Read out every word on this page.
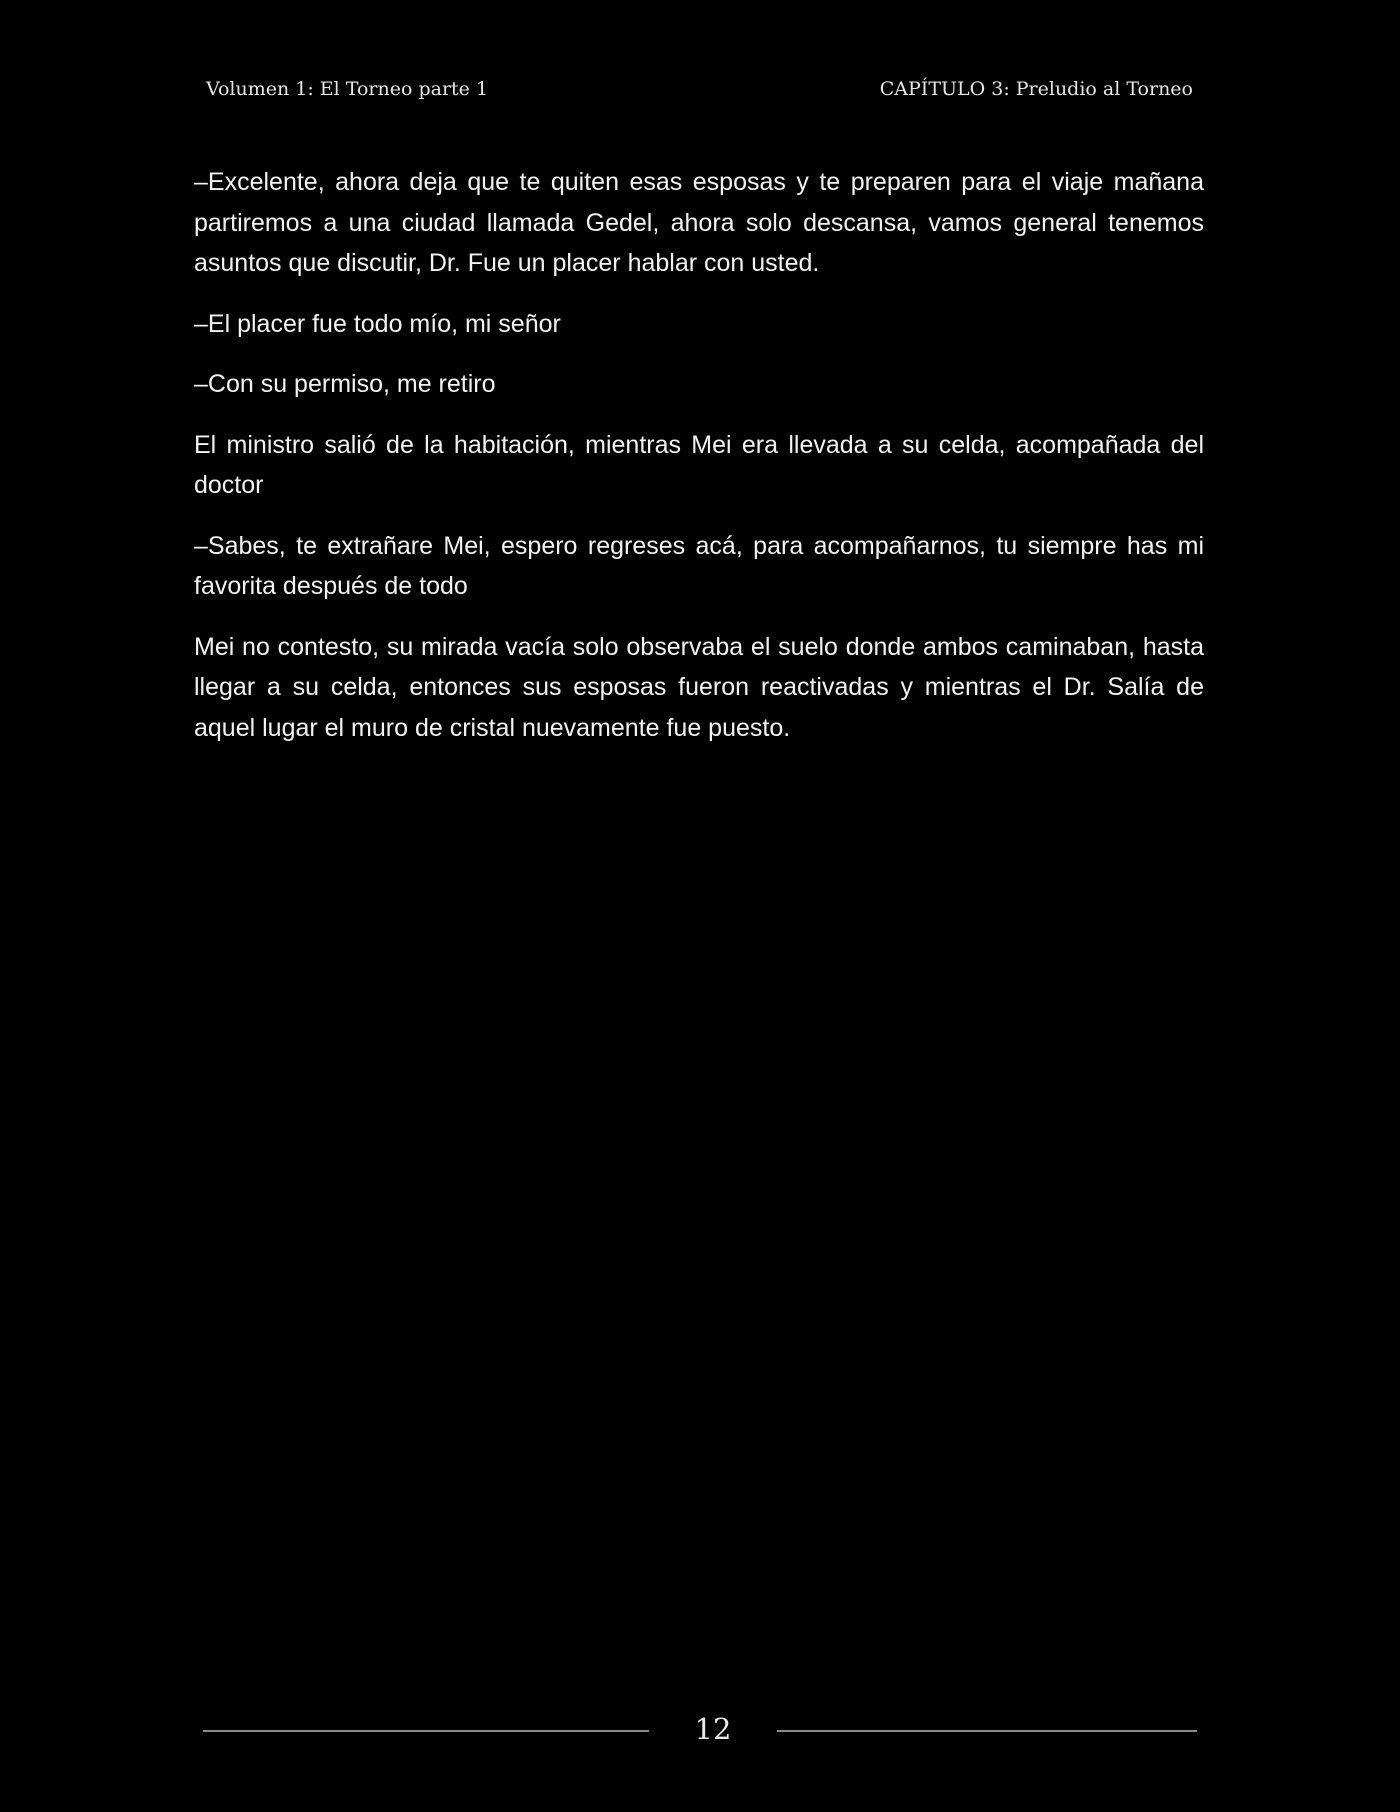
Volumen 1: El Torneo parte 1	CAPÍTULO 3: Preludio al Torneo

–Excelente, ahora deja que te quiten esas esposas y te preparen para el viaje mañana partiremos a una ciudad llamada Gedel, ahora solo descansa, vamos general tenemos asuntos que discutir, Dr. Fue un placer hablar con usted.

–El placer fue todo mío, mi señor

–Con su permiso, me retiro

El ministro salió de la habitación, mientras Mei era llevada a su celda, acompañada del doctor

–Sabes, te extrañare Mei, espero regreses acá, para acompañarnos, tu siempre has mi favorita después de todo

Mei no contesto, su mirada vacía solo observaba el suelo donde ambos caminaban, hasta llegar a su celda, entonces sus esposas fueron reactivadas y mientras el Dr. Salía de aquel lugar el muro de cristal nuevamente fue puesto.

12
